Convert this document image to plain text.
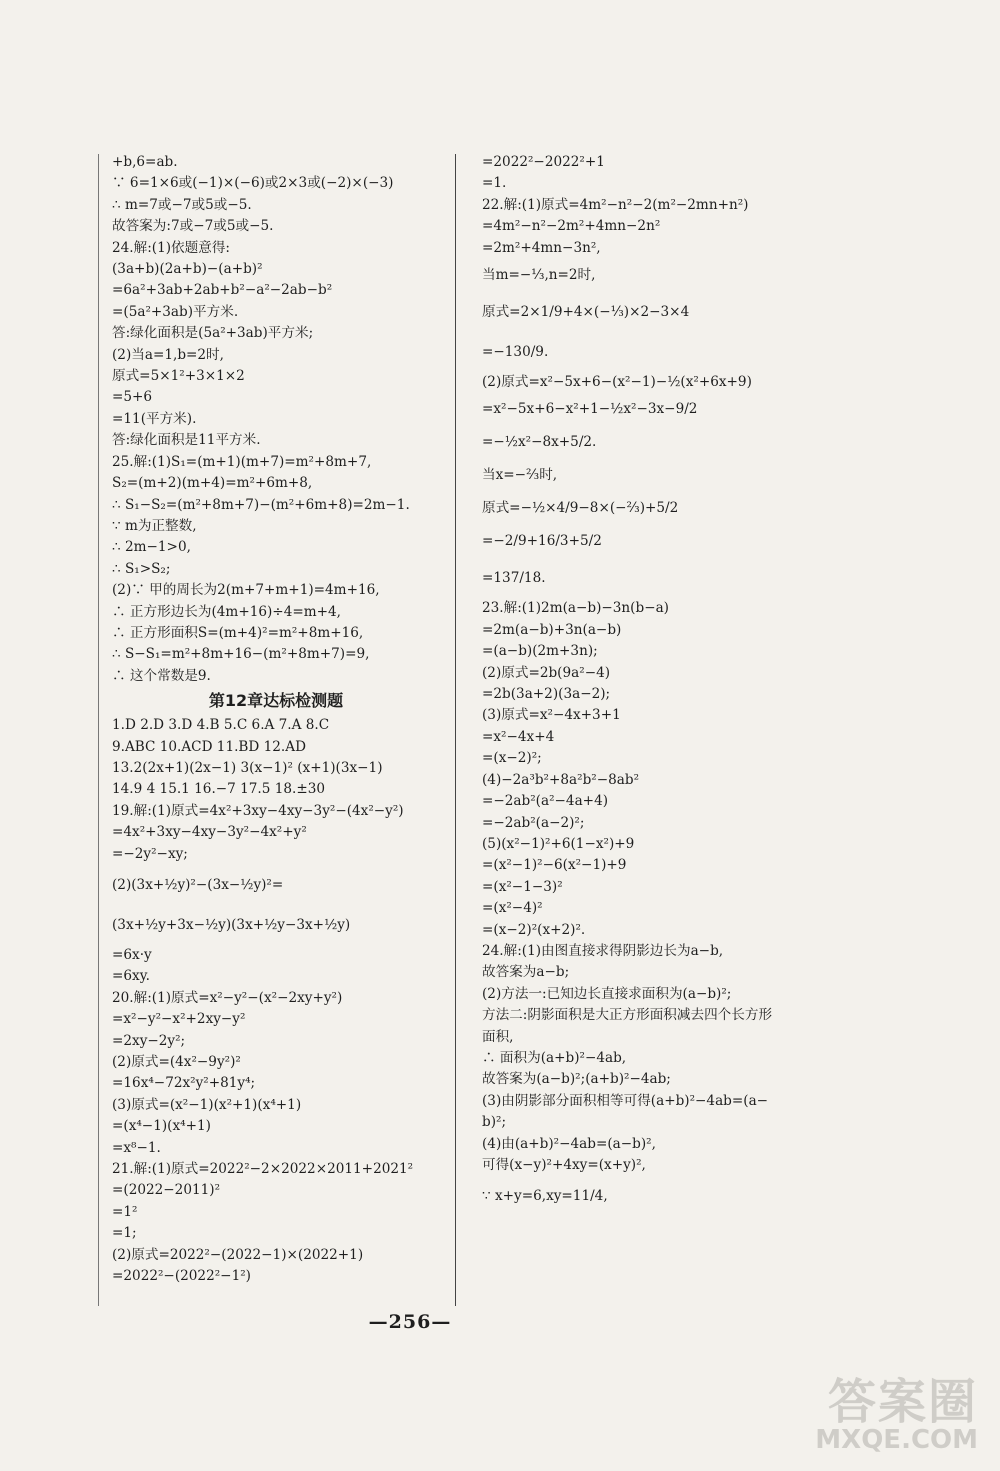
+b,6=ab.
∵ 6=1×6或(−1)×(−6)或2×3或(−2)×(−3)
∴ m=7或−7或5或−5.
故答案为:7或−7或5或−5.
24.解:(1)依题意得:
(3a+b)(2a+b)−(a+b)²
=6a²+3ab+2ab+b²−a²−2ab−b²
=(5a²+3ab)平方米.
答:绿化面积是(5a²+3ab)平方米;
(2)当a=1,b=2时,
原式=5×1²+3×1×2
=5+6
=11(平方米).
答:绿化面积是11平方米.
25.解:(1)S₁=(m+1)(m+7)=m²+8m+7,
S₂=(m+2)(m+4)=m²+6m+8,
∴ S₁−S₂=(m²+8m+7)−(m²+6m+8)=2m−1.
∵ m为正整数,
∴ 2m−1>0,
∴ S₁>S₂;
(2)∵ 甲的周长为2(m+7+m+1)=4m+16,
∴ 正方形边长为(4m+16)÷4=m+4,
∴ 正方形面积S=(m+4)²=m²+8m+16,
∴ S−S₁=m²+8m+16−(m²+8m+7)=9,
∴ 这个常数是9.
第12章达标检测题
1.D 2.D 3.D 4.B 5.C 6.A 7.A 8.C
9.ABC 10.ACD 11.BD 12.AD
13.2(2x+1)(2x−1) 3(x−1)² (x+1)(3x−1)
14.9 4 15.1 16.−7 17.5 18.±30
19.解:(1)原式=4x²+3xy−4xy−3y²−(4x²−y²)
=4x²+3xy−4xy−3y²−4x²+y²
=−2y²−xy;
(2)(3x+½y)²−(3x−½y)²=
(3x+½y+3x−½y)(3x+½y−3x+½y)
=6x·y
=6xy.
20.解:(1)原式=x²−y²−(x²−2xy+y²)
=x²−y²−x²+2xy−y²
=2xy−2y²;
(2)原式=(4x²−9y²)²
=16x⁴−72x²y²+81y⁴;
(3)原式=(x²−1)(x²+1)(x⁴+1)
=(x⁴−1)(x⁴+1)
=x⁸−1.
21.解:(1)原式=2022²−2×2022×2011+2021²
=(2022−2011)²
=1²
=1;
(2)原式=2022²−(2022−1)×(2022+1)
=2022²−(2022²−1²)
=2022²−2022²+1
=1.
22.解:(1)原式=4m²−n²−2(m²−2mn+n²)
=4m²−n²−2m²+4mn−2n²
=2m²+4mn−3n²,
当m=−⅓,n=2时,
原式=2×1/9+4×(−⅓)×2−3×4
=−130/9.
(2)原式=x²−5x+6−(x²−1)−½(x²+6x+9)
=x²−5x+6−x²+1−½x²−3x−9/2
=−½x²−8x+5/2.
当x=−⅔时,
原式=−½×4/9−8×(−⅔)+5/2
=−2/9+16/3+5/2
=137/18.
23.解:(1)2m(a−b)−3n(b−a)
=2m(a−b)+3n(a−b)
=(a−b)(2m+3n);
(2)原式=2b(9a²−4)
=2b(3a+2)(3a−2);
(3)原式=x²−4x+3+1
=x²−4x+4
=(x−2)²;
(4)−2a³b²+8a²b²−8ab²
=−2ab²(a²−4a+4)
=−2ab²(a−2)²;
(5)(x²−1)²+6(1−x²)+9
=(x²−1)²−6(x²−1)+9
=(x²−1−3)²
=(x²−4)²
=(x−2)²(x+2)².
24.解:(1)由图直接求得阴影边长为a−b,
故答案为a−b;
(2)方法一:已知边长直接求面积为(a−b)²;
方法二:阴影面积是大正方形面积减去四个长方形
面积,
∴ 面积为(a+b)²−4ab,
故答案为(a−b)²;(a+b)²−4ab;
(3)由阴影部分面积相等可得(a+b)²−4ab=(a−
b)²;
(4)由(a+b)²−4ab=(a−b)²,
可得(x−y)²+4xy=(x+y)²,
∵ x+y=6,xy=11/4,
—256—
答案圈
MXQE.COM
